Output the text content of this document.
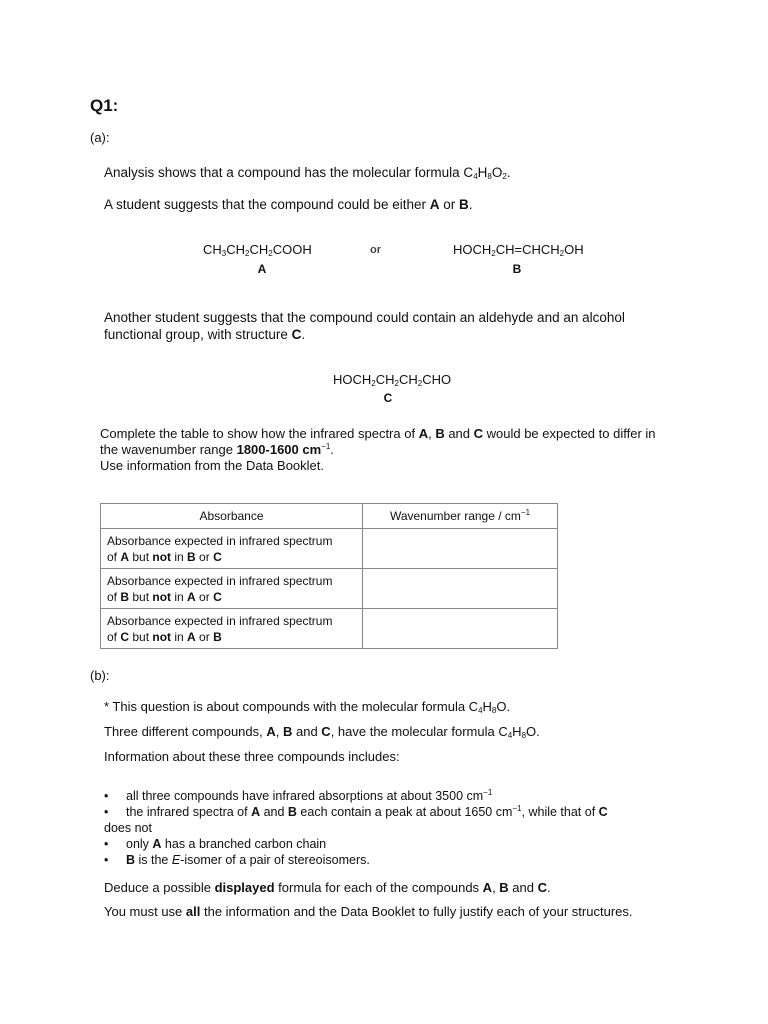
Q1:
(a):
Analysis shows that a compound has the molecular formula $C_4H_8O_2$.
A student suggests that the compound could be either A or B.
$CH_3CH_2CH_2COOH$
A
or	$HOCH_2CH=CHCH_2OH$
B
Another student suggests that the compound could contain an aldehyde and an alcohol functional group, with structure C.
$HOCH_2CH_2CH_2CHO$
C
Complete the table to show how the infrared spectra of A, B and C would be expected to differ in the wavenumber range 1800-1600 $cm^{-1}$.
Use information from the Data Booklet.
Absorbance	Wavenumber range / $cm^{-1}$
Absorbance expected in infrared spectrum
of A but not in B or C	
Absorbance expected in infrared spectrum
of B but not in A or C	
Absorbance expected in infrared spectrum
of C but not in A or B	
(b):
* This question is about compounds with the molecular formula $C_4H_8O$.
Three different compounds, A, B and C, have the molecular formula $C_4H_8O$.
Information about these three compounds includes:
• all three compounds have infrared absorptions at about 3500 $cm^{-1}$
• the infrared spectra of A and B each contain a peak at about 1650 $cm^{-1}$, while that of C
does not
• only A has a branched carbon chain
• B is the E-isomer of a pair of stereoisomers.
Deduce a possible displayed formula for each of the compounds A, B and C.
You must use all the information and the Data Booklet to fully justify each of your structures.
